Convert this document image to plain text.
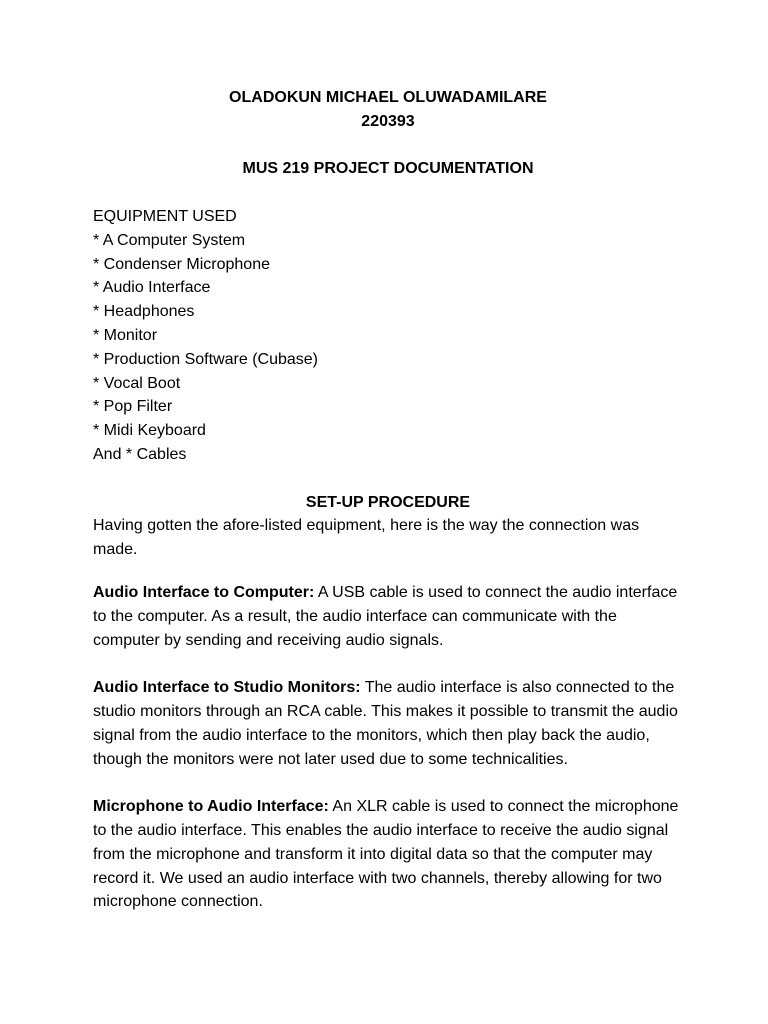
OLADOKUN MICHAEL OLUWADAMILARE
220393
MUS 219 PROJECT DOCUMENTATION
EQUIPMENT USED
* A Computer System
* Condenser Microphone
* Audio Interface
* Headphones
* Monitor
* Production Software (Cubase)
* Vocal Boot
* Pop Filter
* Midi Keyboard
And * Cables
SET-UP PROCEDURE

Having gotten the afore-listed equipment, here is the way the connection was made.

Audio Interface to Computer: A USB cable is used to connect the audio interface to the computer. As a result, the audio interface can communicate with the computer by sending and receiving audio signals.

Audio Interface to Studio Monitors: The audio interface is also connected to the studio monitors through an RCA cable. This makes it possible to transmit the audio signal from the audio interface to the monitors, which then play back the audio, though the monitors were not later used due to some technicalities.

Microphone to Audio Interface: An XLR cable is used to connect the microphone to the audio interface. This enables the audio interface to receive the audio signal from the microphone and transform it into digital data so that the computer may record it. We used an audio interface with two channels, thereby allowing for two microphone connection.
